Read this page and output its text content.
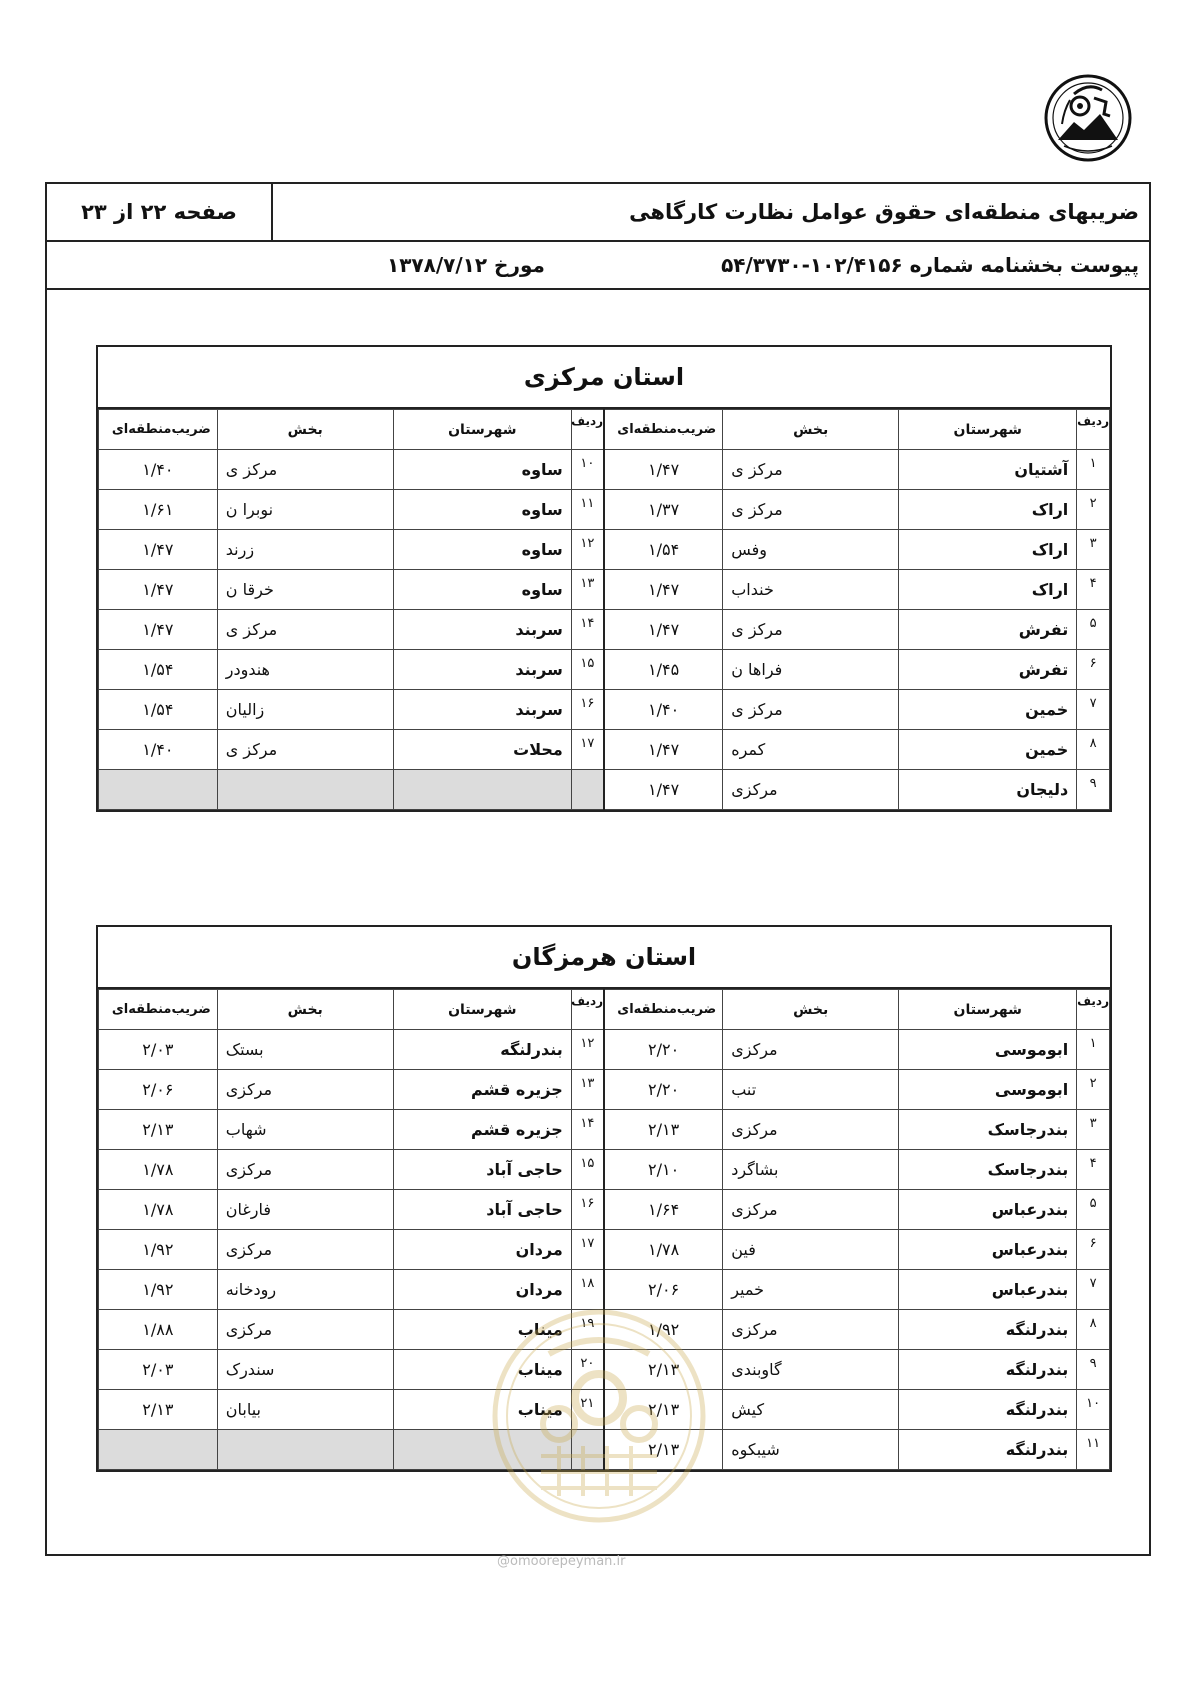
صفحه ۲۲ از ۲۳	ضریبهای منطقه‌ای حقوق عوامل نظارت کارگاهی
پیوست بخشنامه شماره ۱۰۲/۴۱۵۶-۵۴/۳۷۳۰
مورخ ۱۳۷۸/۷/۱۲
استان مرکزی
ردیف	شهرستان	بخش	ضریب‌منطقه‌ای	ردیف	شهرستان	بخش	ضریب‌منطقه‌ای
۱	آشتیان	مرکز ی	۱/۴۷	۱۰	ساوه	مرکز ی	۱/۴۰
۲	اراک	مرکز ی	۱/۳۷	۱۱	ساوه	نوبرا ن	۱/۶۱
۳	اراک	وفس	۱/۵۴	۱۲	ساوه	زرند	۱/۴۷
۴	اراک	خنداب	۱/۴۷	۱۳	ساوه	خرقا ن	۱/۴۷
۵	تفرش	مرکز ی	۱/۴۷	۱۴	سربند	مرکز ی	۱/۴۷
۶	تفرش	فراها ن	۱/۴۵	۱۵	سربند	هندودر	۱/۵۴
۷	خمین	مرکز ی	۱/۴۰	۱۶	سربند	زالیان	۱/۵۴
۸	خمین	کمره	۱/۴۷	۱۷	محلات	مرکز ی	۱/۴۰
۹	دلیجان	مرکزی	۱/۴۷				
استان هرمزگان
ردیف	شهرستان	بخش	ضریب‌منطقه‌ای	ردیف	شهرستان	بخش	ضریب‌منطقه‌ای
۱	ابوموسی	مرکزی	۲/۲۰	۱۲	بندرلنگه	بستک	۲/۰۳
۲	ابوموسی	تنب	۲/۲۰	۱۳	جزیره قشم	مرکزی	۲/۰۶
۳	بندرجاسک	مرکزی	۲/۱۳	۱۴	جزیره قشم	شهاب	۲/۱۳
۴	بندرجاسک	بشاگرد	۲/۱۰	۱۵	حاجی آباد	مرکزی	۱/۷۸
۵	بندرعباس	مرکزی	۱/۶۴	۱۶	حاجی آباد	فارغان	۱/۷۸
۶	بندرعباس	فین	۱/۷۸	۱۷	مردان	مرکزی	۱/۹۲
۷	بندرعباس	خمیر	۲/۰۶	۱۸	مردان	رودخانه	۱/۹۲
۸	بندرلنگه	مرکزی	۱/۹۲	۱۹	میناب	مرکزی	۱/۸۸
۹	بندرلنگه	گاوبندی	۲/۱۳	۲۰	میناب	سندرک	۲/۰۳
۱۰	بندرلنگه	کیش	۲/۱۳	۲۱	میناب	بیابان	۲/۱۳
۱۱	بندرلنگه	شیبکوه	۲/۱۳				
@omoorepeyman.ir
